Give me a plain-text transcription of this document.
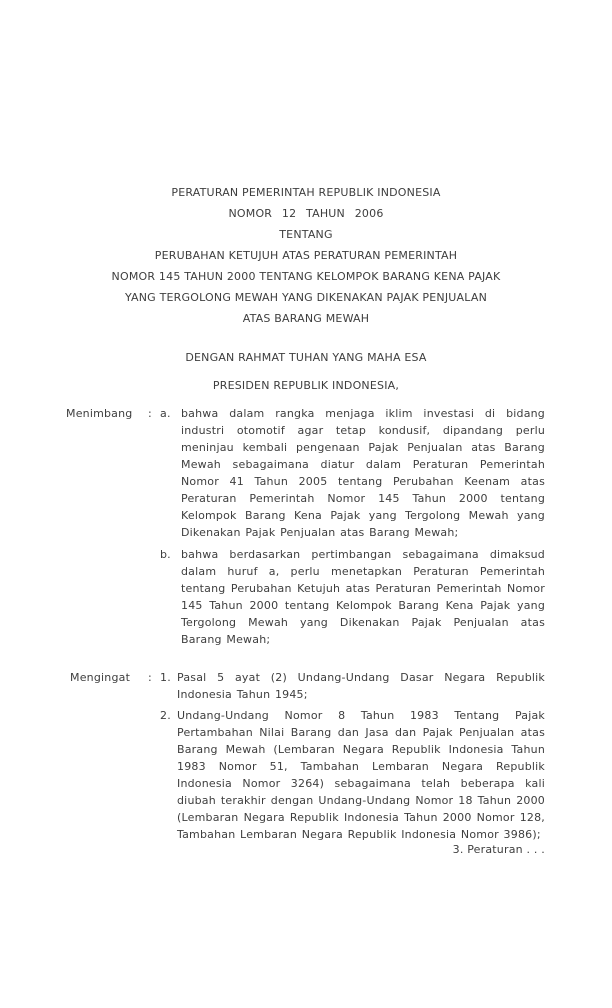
PERATURAN PEMERINTAH REPUBLIK INDONESIA
NOMOR 12 TAHUN 2006
TENTANG
PERUBAHAN KETUJUH ATAS PERATURAN PEMERINTAH
NOMOR 145 TAHUN 2000 TENTANG KELOMPOK BARANG KENA PAJAK
YANG TERGOLONG MEWAH YANG DIKENAKAN PAJAK PENJUALAN
ATAS BARANG MEWAH
DENGAN RAHMAT TUHAN YANG MAHA ESA
PRESIDEN REPUBLIK INDONESIA,
Menimbang	: a. bahwa dalam rangka menjaga iklim investasi di bidang industri otomotif agar tetap kondusif, dipandang perlu meninjau kembali pengenaan Pajak Penjualan atas Barang Mewah sebagaimana diatur dalam Peraturan Pemerintah Nomor 41 Tahun 2005 tentang Perubahan Keenam atas Peraturan Pemerintah Nomor 145 Tahun 2000 tentang Kelompok Barang Kena Pajak yang Tergolong Mewah yang Dikenakan Pajak Penjualan atas Barang Mewah;
b. bahwa berdasarkan pertimbangan sebagaimana dimaksud dalam huruf a, perlu menetapkan Peraturan Pemerintah tentang Perubahan Ketujuh atas Peraturan Pemerintah Nomor 145 Tahun 2000 tentang Kelompok Barang Kena Pajak yang Tergolong Mewah yang Dikenakan Pajak Penjualan atas Barang Mewah;
Mengingat	: 1. Pasal 5 ayat (2) Undang-Undang Dasar Negara Republik Indonesia Tahun 1945;
2. Undang-Undang Nomor 8 Tahun 1983 Tentang Pajak Pertambahan Nilai Barang dan Jasa dan Pajak Penjualan atas Barang Mewah (Lembaran Negara Republik Indonesia Tahun 1983 Nomor 51, Tambahan Lembaran Negara Republik Indonesia Nomor 3264) sebagaimana telah beberapa kali diubah terakhir dengan Undang-Undang Nomor 18 Tahun 2000 (Lembaran Negara Republik Indonesia Tahun 2000 Nomor 128, Tambahan Lembaran Negara Republik Indonesia Nomor 3986);
3. Peraturan . . .
